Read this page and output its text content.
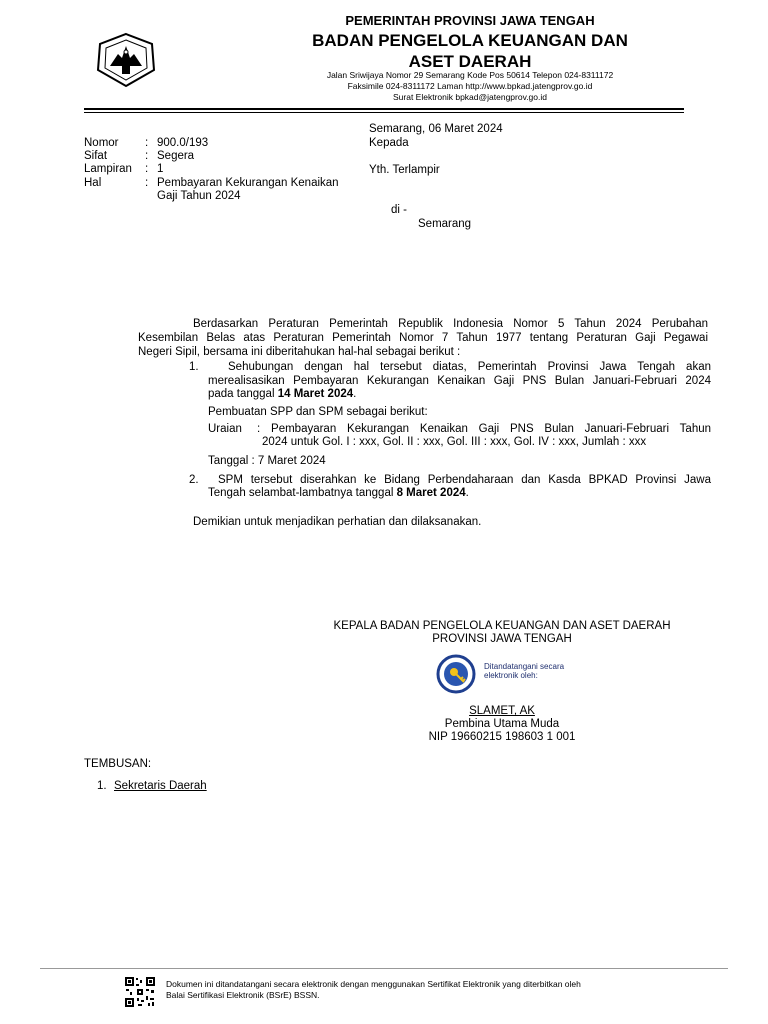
PEMERINTAH PROVINSI JAWA TENGAH
BADAN PENGELOLA KEUANGAN DAN
ASET DAERAH
Jalan Sriwijaya Nomor 29 Semarang Kode Pos 50614 Telepon 024-8311172
Faksimile 024-8311172 Laman http://www.bpkad.jatengprov.go.id
Surat Elektronik bpkad@jatengprov.go.id
Semarang, 06 Maret 2024
Kepada
Yth. Terlampir
di -
Semarang
Nomor	: 900.0/193
Sifat	: Segera
Lampiran	: 1
Hal	: Pembayaran Kekurangan Kenaikan
Gaji Tahun 2024
Berdasarkan Peraturan Pemerintah Republik Indonesia Nomor 5 Tahun 2024 Perubahan
Kesembilan Belas atas Peraturan Pemerintah Nomor 7 Tahun 1977 tentang Peraturan Gaji Pegawai
Negeri Sipil, bersama ini diberitahukan hal-hal sebagai berikut :
1.	Sehubungan dengan hal tersebut diatas, Pemerintah Provinsi Jawa Tengah akan
merealisasikan Pembayaran Kekurangan Kenaikan Gaji PNS Bulan Januari-Februari 2024
pada tanggal 14 Maret 2024.
Pembuatan SPP dan SPM sebagai berikut:
Uraian : Pembayaran Kekurangan Kenaikan Gaji PNS Bulan Januari-Februari Tahun
2024 untuk Gol. I : xxx, Gol. II : xxx, Gol. III : xxx, Gol. IV : xxx, Jumlah : xxx
Tanggal : 7 Maret 2024
2.	SPM tersebut diserahkan ke Bidang Perbendaharaan dan Kasda BPKAD Provinsi Jawa
Tengah selambat-lambatnya tanggal 8 Maret 2024.
Demikian untuk menjadikan perhatian dan dilaksanakan.
KEPALA BADAN PENGELOLA KEUANGAN DAN ASET DAERAH
PROVINSI JAWA TENGAH
Ditandatangani secara
elektronik oleh:
SLAMET, AK
Pembina Utama Muda
NIP 19660215 198603 1 001
TEMBUSAN:
1. Sekretaris Daerah
Dokumen ini ditandatangani secara elektronik dengan menggunakan Sertifikat Elektronik yang diterbitkan oleh
Balai Sertifikasi Elektronik (BSrE) BSSN.
